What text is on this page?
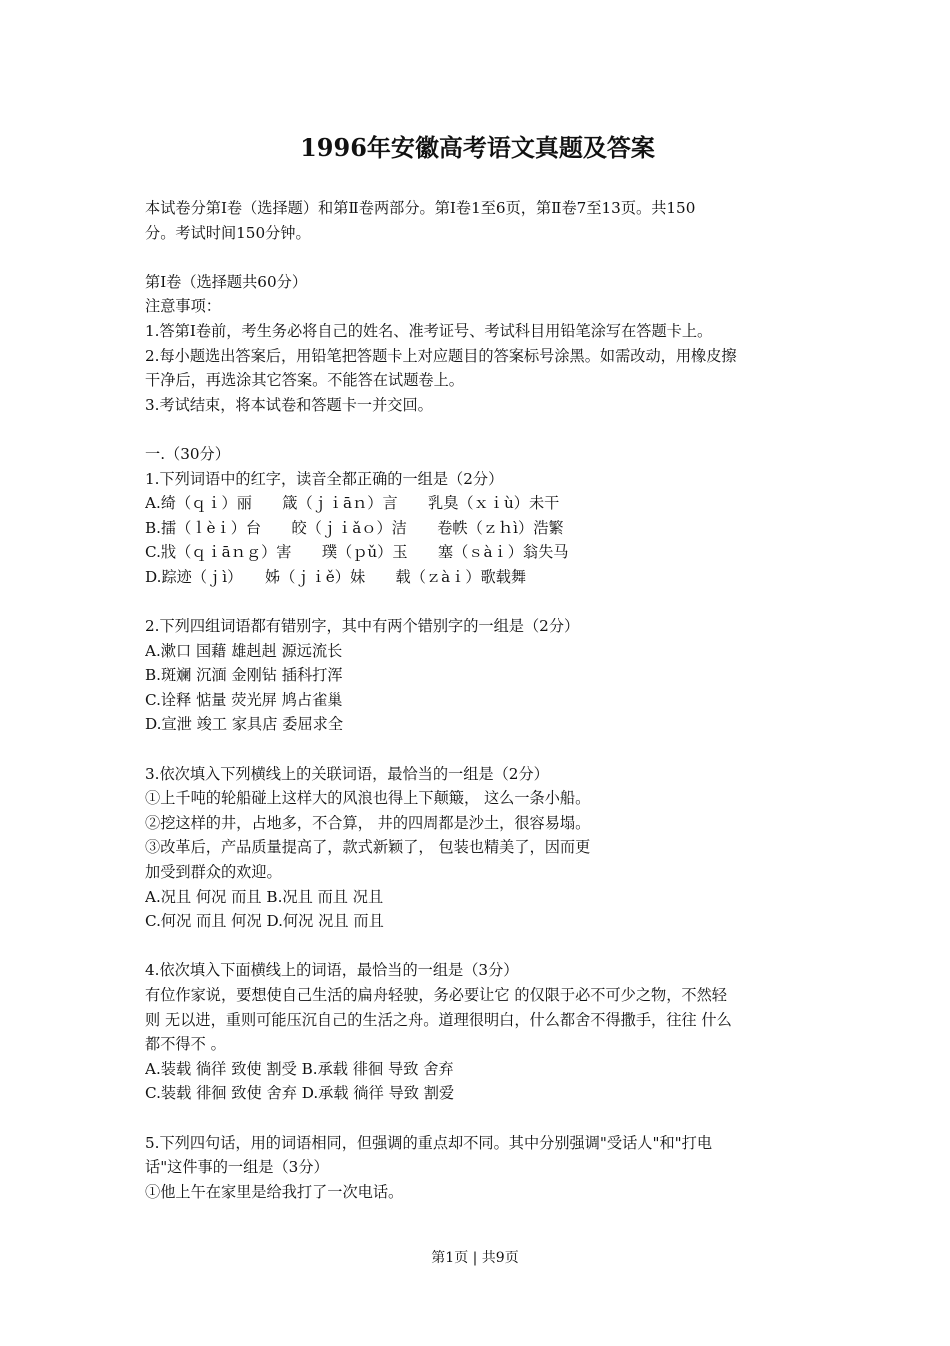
1996年安徽高考语文真题及答案
本试卷分第Ⅰ卷（选择题）和第Ⅱ卷两部分。第Ⅰ卷1至6页，第Ⅱ卷7至13页。共150
分。考试时间150分钟。
第Ⅰ卷（选择题共60分）
注意事项：
1.答第Ⅰ卷前，考生务必将自己的姓名、准考证号、考试科目用铅笔涂写在答题卡上。
2.每小题选出答案后，用铅笔把答题卡上对应题目的答案标号涂黑。如需改动，用橡皮擦
干净后，再选涂其它答案。不能答在试题卷上。
3.考试结束，将本试卷和答题卡一并交回。
一.（30分）
1.下列词语中的红字，读音全都正确的一组是（2分）
A.绮（ｑｉ）丽　　箴（ｊｉāｎ）言　　乳臭（ｘｉù）未干
B.擂（ｌèｉ）台　　皎（ｊｉǎｏ）洁　　卷帙（ｚｈì）浩繁
C.戕（ｑｉāｎｇ）害　　璞（ｐǔ）玉　　塞（ｓàｉ）翁失马
D.踪迹（ｊì）　　姊（ｊｉě）妹　　载（ｚàｉ）歌载舞
2.下列四组词语都有错别字，其中有两个错别字的一组是（2分）
A.漱口 国藉 雄赳赳 源远流长
B.斑斓 沉湎 金刚钻 插科打浑
C.诠释 惦量 荧光屏 鸠占雀巢
D.宣泄 竣工 家具店 委屈求全
3.依次填入下列横线上的关联词语，最恰当的一组是（2分）
①上千吨的轮船碰上这样大的风浪也得上下颠簸， 这么一条小船。
②挖这样的井，占地多，不合算， 井的四周都是沙土，很容易塌。
③改革后，产品质量提高了，款式新颖了， 包装也精美了，因而更
加受到群众的欢迎。
A.况且 何况 而且 B.况且 而且 况且
C.何况 而且 何况 D.何况 况且 而且
4.依次填入下面横线上的词语，最恰当的一组是（3分）
有位作家说，要想使自己生活的扁舟轻驶，务必要让它 的仅限于必不可少之物，不然轻
则 无以进，重则可能压沉自己的生活之舟。道理很明白，什么都舍不得撒手，往往 什么
都不得不 。
A.装载 徜徉 致使 割受 B.承载 徘徊 导致 舍弃
C.装载 徘徊 致使 舍弃 D.承载 徜徉 导致 割爱
5.下列四句话，用的词语相同，但强调的重点却不同。其中分别强调"受话人"和"打电
话"这件事的一组是（3分）
①他上午在家里是给我打了一次电话。
第1页 | 共9页
